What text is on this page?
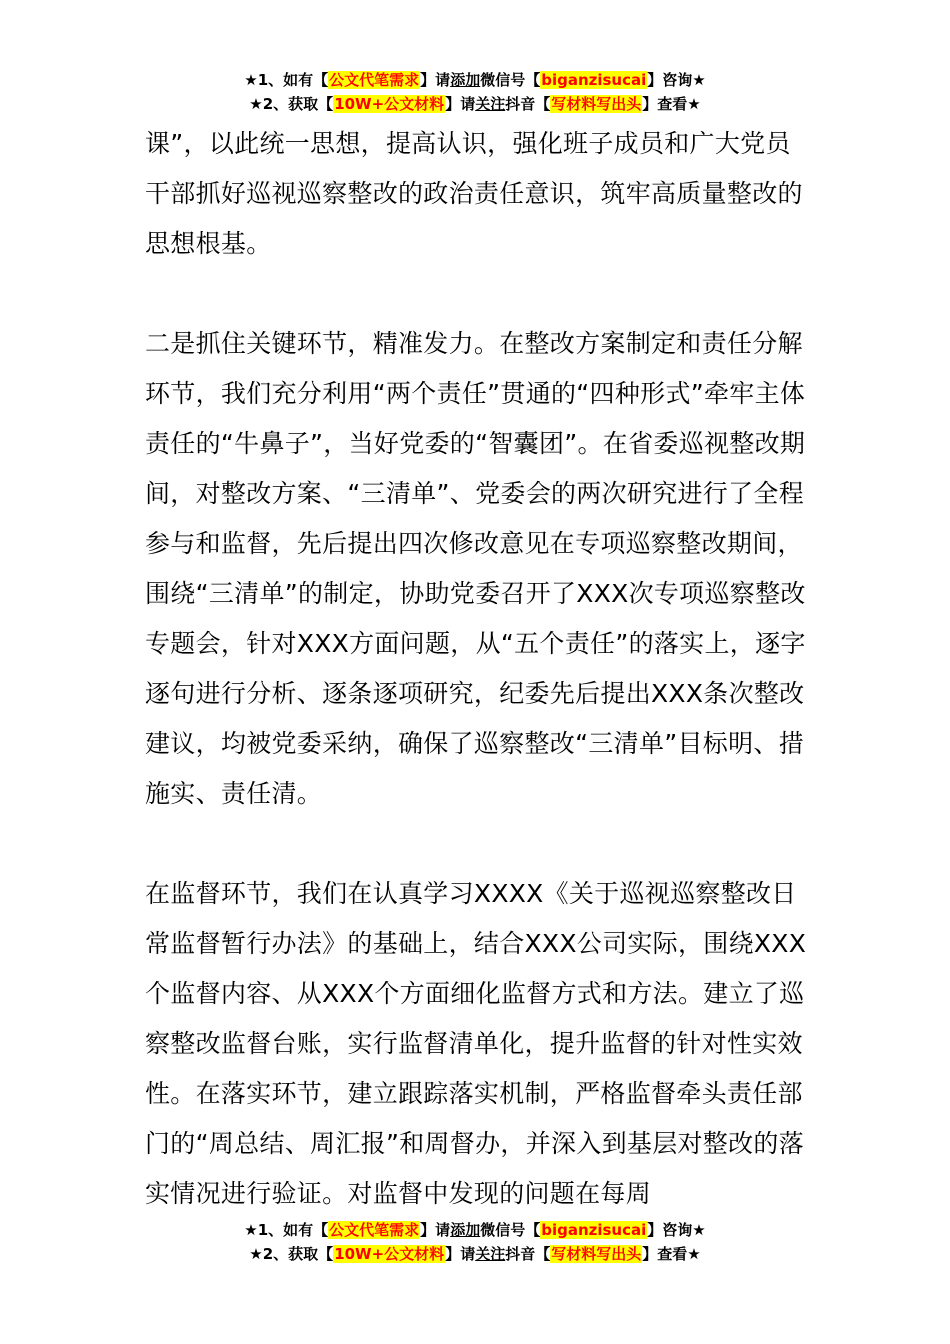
★1、如有【公文代笔需求】请添加微信号【biganzisucai】咨询★
★2、获取【10W+公文材料】请关注抖音【写材料写出头】查看★

课”，以此统一思想，提高认识，强化班子成员和广大党员干部抓好巡视巡察整改的政治责任意识，筑牢高质量整改的思想根基。

二是抓住关键环节，精准发力。在整改方案制定和责任分解环节，我们充分利用“两个责任”贯通的“四种形式”牵牢主体责任的“牛鼻子”，当好党委的“智囊团”。在省委巡视整改期间，对整改方案、“三清单”、党委会的两次研究进行了全程参与和监督，先后提出四次修改意见在专项巡察整改期间，围绕“三清单”的制定，协助党委召开了XXX次专项巡察整改专题会，针对XXX方面问题，从“五个责任”的落实上，逐字逐句进行分析、逐条逐项研究，纪委先后提出XXX条次整改建议，均被党委采纳，确保了巡察整改“三清单”目标明、措施实、责任清。

在监督环节，我们在认真学习XXXX《关于巡视巡察整改日常监督暂行办法》的基础上，结合XXX公司实际，围绕XXX个监督内容、从XXX个方面细化监督方式和方法。建立了巡察整改监督台账，实行监督清单化，提升监督的针对性实效性。在落实环节，建立跟踪落实机制，严格监督牵头责任部门的“周总结、周汇报”和周督办，并深入到基层对整改的落实情况进行验证。对监督中发现的问题在每周

★1、如有【公文代笔需求】请添加微信号【biganzisucai】咨询★
★2、获取【10W+公文材料】请关注抖音【写材料写出头】查看★
